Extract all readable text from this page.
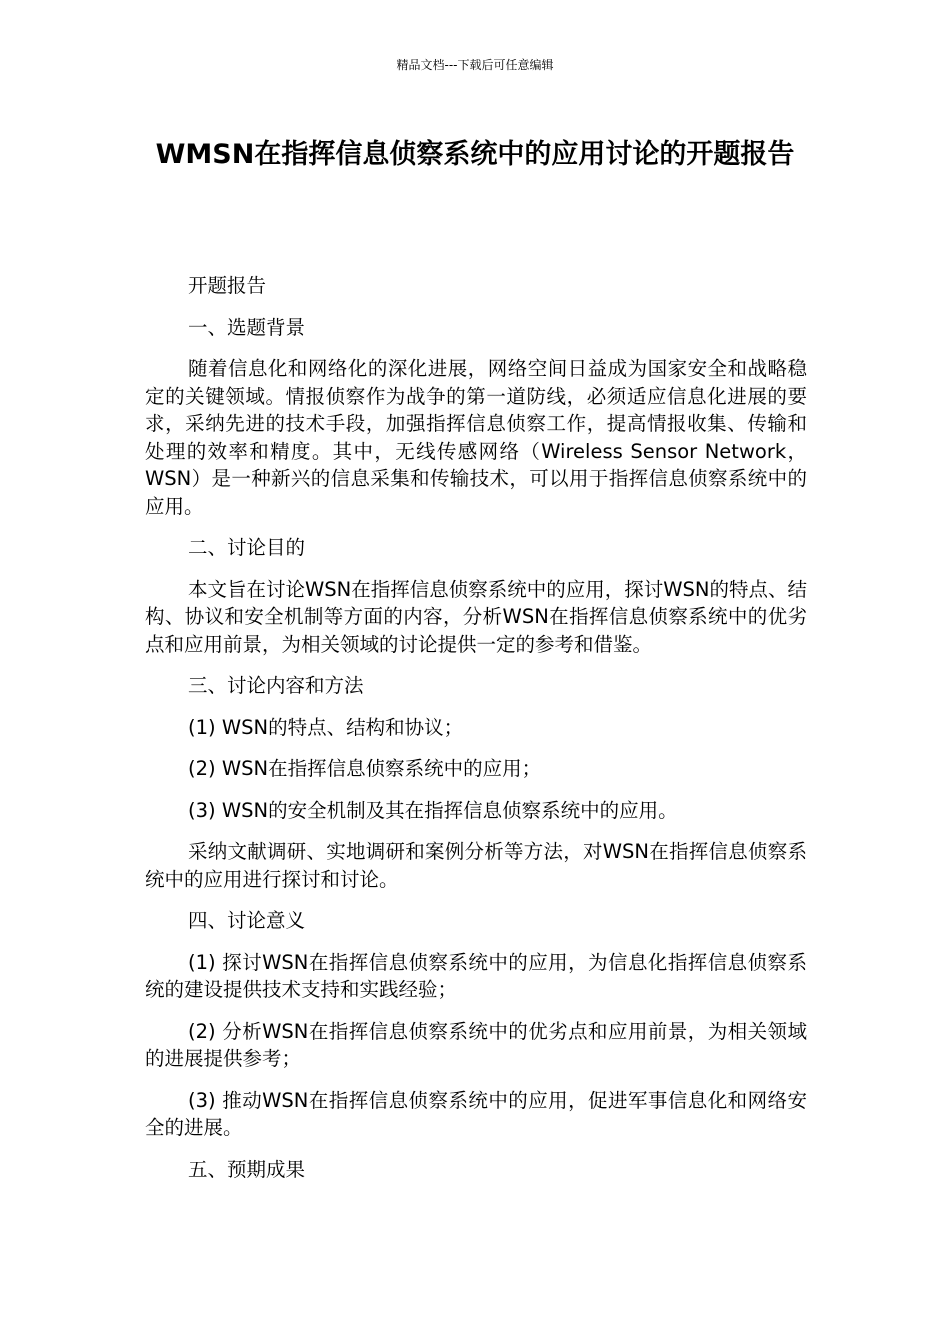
精品文档---下载后可任意编辑
WMSN在指挥信息侦察系统中的应用讨论的开题报告

开题报告

一、选题背景

随着信息化和网络化的深化进展，网络空间日益成为国家安全和战略稳定的关键领域。情报侦察作为战争的第一道防线，必须适应信息化进展的要求，采纳先进的技术手段，加强指挥信息侦察工作，提高情报收集、传输和处理的效率和精度。其中，无线传感网络（Wireless Sensor Network，WSN）是一种新兴的信息采集和传输技术，可以用于指挥信息侦察系统中的应用。

二、讨论目的

本文旨在讨论WSN在指挥信息侦察系统中的应用，探讨WSN的特点、结构、协议和安全机制等方面的内容，分析WSN在指挥信息侦察系统中的优劣点和应用前景，为相关领域的讨论提供一定的参考和借鉴。

三、讨论内容和方法

(1) WSN的特点、结构和协议；

(2) WSN在指挥信息侦察系统中的应用；

(3) WSN的安全机制及其在指挥信息侦察系统中的应用。

采纳文献调研、实地调研和案例分析等方法，对WSN在指挥信息侦察系统中的应用进行探讨和讨论。

四、讨论意义

(1) 探讨WSN在指挥信息侦察系统中的应用，为信息化指挥信息侦察系统的建设提供技术支持和实践经验；

(2) 分析WSN在指挥信息侦察系统中的优劣点和应用前景，为相关领域的进展提供参考；

(3) 推动WSN在指挥信息侦察系统中的应用，促进军事信息化和网络安全的进展。

五、预期成果
